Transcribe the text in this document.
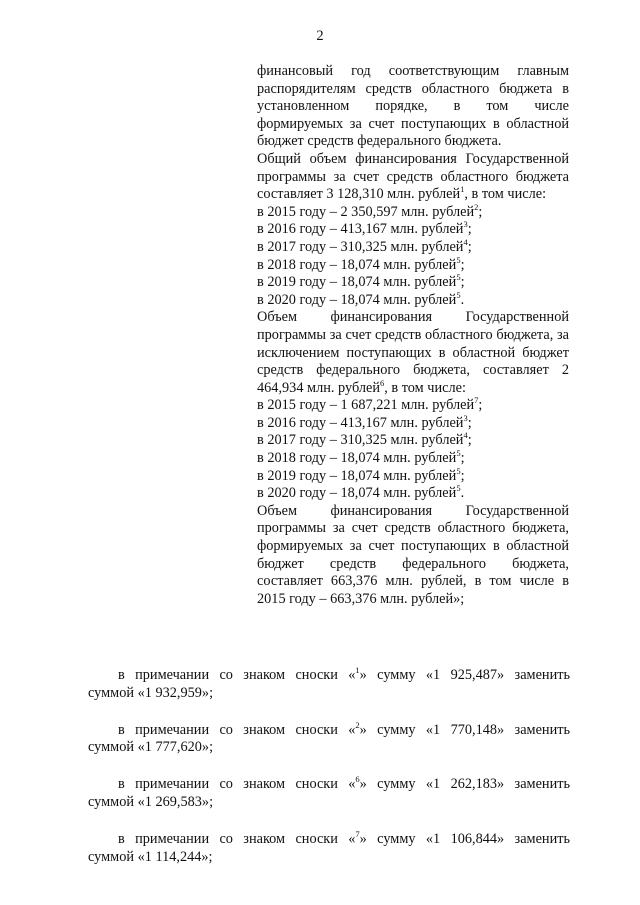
2
финансовый год соответствующим главным распорядителям средств областного бюджета в установленном порядке, в том числе формируемых за счет поступающих в областной бюджет средств федерального бюджета.
Общий объем финансирования Государственной программы за счет средств областного бюджета составляет 3 128,310 млн. рублей$^1$, в том числе:
в 2015 году – 2 350,597 млн. рублей$^2$;
в 2016 году – 413,167 млн. рублей$^3$;
в 2017 году – 310,325 млн. рублей$^4$;
в 2018 году – 18,074 млн. рублей$^5$;
в 2019 году – 18,074 млн. рублей$^5$;
в 2020 году – 18,074 млн. рублей$^5$.
Объем финансирования Государственной программы за счет средств областного бюджета, за исключением поступающих в областной бюджет средств федерального бюджета, составляет 2 464,934 млн. рублей$^6$, в том числе:
в 2015 году – 1 687,221 млн. рублей$^7$;
в 2016 году – 413,167 млн. рублей$^3$;
в 2017 году – 310,325 млн. рублей$^4$;
в 2018 году – 18,074 млн. рублей$^5$;
в 2019 году – 18,074 млн. рублей$^5$;
в 2020 году – 18,074 млн. рублей$^5$.
Объем финансирования Государственной программы за счет средств областного бюджета, формируемых за счет поступающих в областной бюджет средств федерального бюджета, составляет 663,376 млн. рублей, в том числе в 2015 году – 663,376 млн. рублей»;
в примечании со знаком сноски «$^1$» сумму «1 925,487» заменить
суммой «1 932,959»;
в примечании со знаком сноски «$^2$» сумму «1 770,148» заменить
суммой «1 777,620»;
в примечании со знаком сноски «$^6$» сумму «1 262,183» заменить
суммой «1 269,583»;
в примечании со знаком сноски «$^7$» сумму «1 106,844» заменить
суммой «1 114,244»;
